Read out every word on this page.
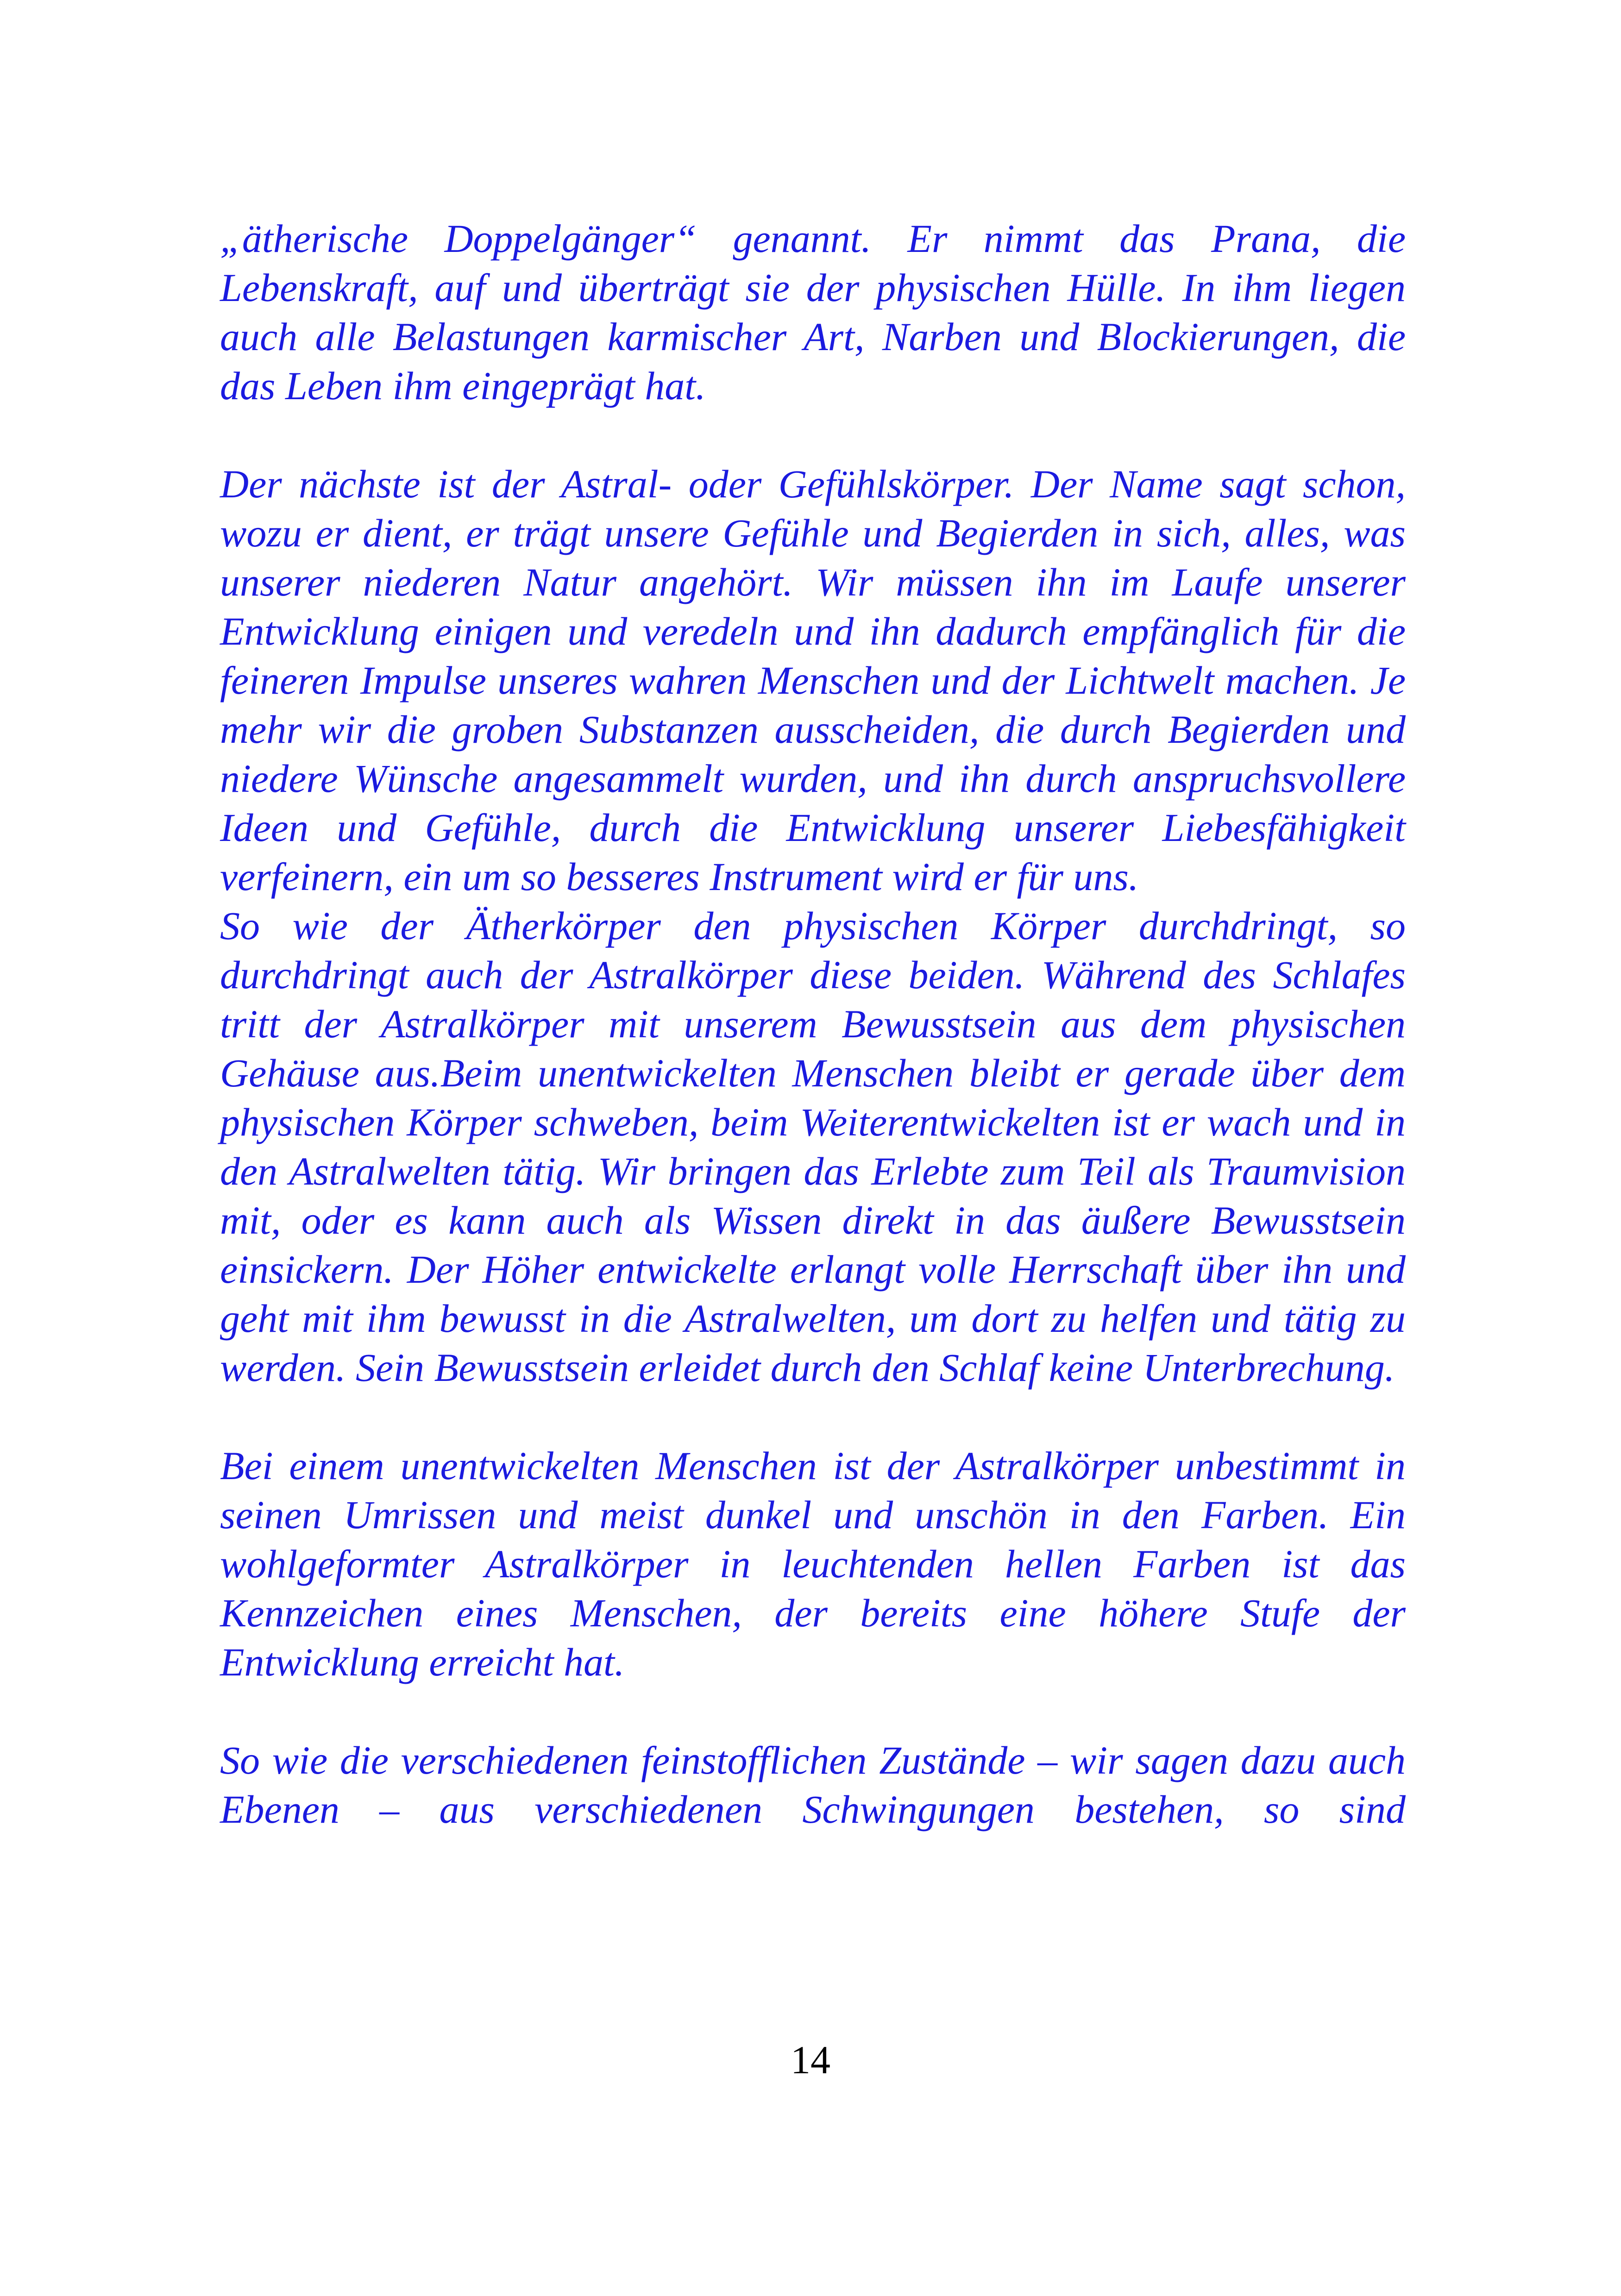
„ätherische Doppelgänger“ genannt. Er nimmt das Prana, die Lebenskraft, auf und überträgt sie der physischen Hülle. In ihm liegen auch alle Belastungen karmischer Art, Narben und Blockierungen, die das Leben ihm eingeprägt hat.

Der nächste ist der Astral- oder Gefühlskörper. Der Name sagt schon, wozu er dient, er trägt unsere Gefühle und Begierden in sich, alles, was unserer niederen Natur angehört. Wir müssen ihn im Laufe unserer Entwicklung einigen und veredeln und ihn dadurch empfänglich für die feineren Impulse unseres wahren Menschen und der Lichtwelt machen. Je mehr wir die groben Substanzen ausscheiden, die durch Begierden und niedere Wünsche angesammelt wurden, und ihn durch anspruchsvollere Ideen und Gefühle, durch die Entwicklung unserer Liebesfähigkeit verfeinern, ein um so besseres Instrument wird er für uns.

So wie der Ätherkörper den physischen Körper durchdringt, so durchdringt auch der Astralkörper diese beiden. Während des Schlafes tritt der Astralkörper mit unserem Bewusstsein aus dem physischen Gehäuse aus.Beim unentwickelten Menschen bleibt er gerade über dem physischen Körper schweben, beim Weiterentwickelten ist er wach und in den Astralwelten tätig. Wir bringen das Erlebte zum Teil als Traumvision mit, oder es kann auch als Wissen direkt in das äußere Bewusstsein einsickern. Der Höher entwickelte erlangt volle Herrschaft über ihn und geht mit ihm bewusst in die Astralwelten, um dort zu helfen und tätig zu werden. Sein Bewusstsein erleidet durch den Schlaf keine Unterbrechung.

Bei einem unentwickelten Menschen ist der Astralkörper unbestimmt in seinen Umrissen und meist dunkel und unschön in den Farben. Ein wohlgeformter Astralkörper in leuchtenden hellen Farben ist das Kennzeichen eines Menschen, der bereits eine höhere Stufe der Entwicklung erreicht hat.

So wie die verschiedenen feinstofflichen Zustände – wir sagen dazu auch Ebenen – aus verschiedenen Schwingungen bestehen, so sind

14
